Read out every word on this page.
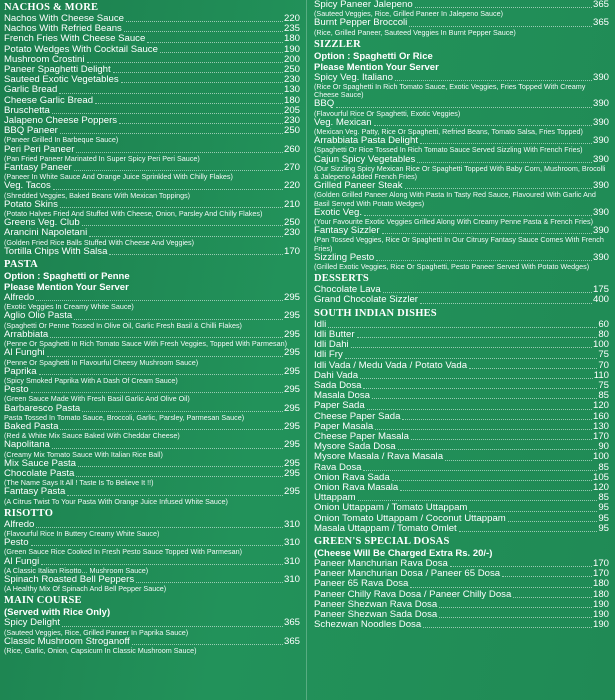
NACHOS & MORE
Nachos With Cheese Sauce	220
Nachos With Refried Beans	235
French Fries With Cheese Sauce	180
Potato Wedges With Cocktail Sauce	190
Mushroom Crostini	200
Paneer Spaghetti Delight	250
Sauteed Exotic Vegetables	230
Garlic Bread	130
Cheese Garlic Bread	180
Bruschetta	205
Jalapeno Cheese Poppers	230
BBQ Paneer	250
(Paneer Grilled In Barbeque Sauce)
Peri Peri Paneer	260
(Pan Fried Paneer Marinated In Super Spicy Peri Peri Sauce)
Fantasy Paneer	270
(Paneer In White Sauce And Orange Juice Sprinkled With Chilly Flakes)
Veg. Tacos	220
(Shredded Veggies, Baked Beans With Mexican Toppings)
Potato Skins	210
(Potato Halves Fried And Stuffed With Cheese, Onion, Parsley And Chilly Flakes)
Greens Veg. Club	250
Arancini Napoletani	230
(Golden Fried Rice Balls Stuffed With Cheese And Veggies)
Tortilla Chips With Salsa	170
PASTA
Option : Spaghetti or Penne
Please Mention Your Server
Alfredo	295
(Exotic Veggies In Creamy White Sauce)
Aglio Olio Pasta	295
(Spaghetti Or Penne Tossed In Olive Oil, Garlic Fresh Basil & Chilli Flakes)
Arrabbiata	295
(Penne Or Spaghetti In Rich Tomato Sauce With Fresh Veggies, Topped With Parmesan)
Al Funghi	295
(Penne Or Spaghetti In Flavourful Cheesy Mushroom Sauce)
Paprika	295
(Spicy Smoked Paprika With A Dash Of Cream Sauce)
Pesto	295
(Green Sauce Made With Fresh Basil Garlic And Olive Oil)
Barbaresco Pasta	295
Pasta Tossed In Tomato Sauce, Broccoli, Garlic, Parsley, Parmesan Sauce)
Baked Pasta	295
(Red & White Mix Sauce Baked With Cheddar Cheese)
Napolitana	295
(Creamy Mix Tomato Sauce With Italian Rice Ball)
Mix Sauce Pasta	295
Chocolate Pasta	295
(The Name Says It All ! Taste Is To Believe It !!)
Fantasy Pasta	295
(A Citrus Twist To Your Pasta With Orange Juice Infused White Sauce)
RISOTTO
Alfredo	310
(Flavourful Rice In Buttery Creamy White Sauce)
Pesto	310
(Green Sauce Rice Cooked In Fresh Pesto Sauce Topped With Parmesan)
Al Fungi	310
(A Classic Italian Risotto... Mushroom Sauce)
Spinach Roasted Bell Peppers	310
(A Healthy Mix Of Spinach And Bell Pepper Sauce)
MAIN COURSE
(Served with Rice Only)
Spicy Delight	365
(Sauteed Veggies, Rice, Grilled Paneer In Paprika Sauce)
Classic Mushroom Stroganoff	365
(Rice, Garlic, Onion, Capsicum In Classic Mushroom Sauce)
Spicy Paneer Jalepeno	365
(Sauteed Veggies, Rice, Grilled Paneer In Jalepeno Sauce)
Burnt Pepper Broccoli	365
(Rice, Grilled Paneer, Sauteed Veggies In Burnt Pepper Sauce)
SIZZLER
Option : Spaghetti Or Rice
Please Mention Your Server
Spicy Veg. Italiano	390
(Rice Or Spaghetti In Rich Tomato Sauce, Exotic Veggies, Fries Topped With Creamy Cheese Sauce)
BBQ	390
(Flavourful Rice Or Spaghetti, Exotic Veggies)
Veg. Mexican	390
(Mexican Veg. Patty, Rice Or Spaghetti, Refried Beans, Tomato Salsa, Fries Topped)
Arrabbiata Pasta Delight	390
(Spaghetti Or Rice Tossed In Rich Tomato Sauce Served Sizzling With French Fries)
Cajun Spicy Vegetables	390
(Our Sizzling Spicy Mexican Rice Or Spaghetti Topped With Baby Corn, Mushroom, Brocolli & Jalepeno Added French Fries)
Grilled Paneer Steak	390
(Golden Grilled Paneer Along With Pasta In Tasty Red Sauce, Flavoured With Garlic And Basil Served With Potato Wedges)
Exotic Veg.	390
(Your Favourite Exotic Veggies Grilled Along With Creamy Penne Pasta & French Fries)
Fantasy Sizzler	390
(Pan Tossed Veggies, Rice Or Spaghetti In Our Citrusy Fantasy Sauce Comes With French Fries)
Sizzling Pesto	390
(Grilled Exotic Veggies, Rice Or Spaghetti, Pesto Paneer Served With Potato Wedges)
DESSERTS
Chocolate Lava	175
Grand Chocolate Sizzler	400
SOUTH INDIAN DISHES
Idli	60
Idli Butter	80
Idli Dahi	100
Idli Fry	75
Idli Vada / Medu Vada / Potato Vada	70
Dahi Vada	110
Sada Dosa	75
Masala Dosa	85
Paper Sada	120
Cheese Paper Sada	160
Paper Masala	130
Cheese Paper Masala	170
Mysore Sada Dosa	90
Mysore Masala / Rava Masala	100
Rava Dosa	85
Onion Rava Sada	105
Onion Rava Masala	120
Uttappam	85
Onion Uttappam / Tomato Uttappam	95
Onion Tomato Uttappam / Coconut Uttappam	95
Masala Uttappam / Tomato Omlet	95
GREEN'S SPECIAL DOSAS
(Cheese Will Be Charged Extra Rs. 20/-)
Paneer Manchurian Rava Dosa	170
Paneer Manchurian Dosa / Paneer 65 Dosa	170
Paneer 65 Rava Dosa	180
Paneer Chilly Rava Dosa / Paneer Chilly Dosa	180
Paneer Shezwan Rava Dosa	190
Paneer Shezwan Sada Dosa	190
Schezwan Noodles Dosa	190
